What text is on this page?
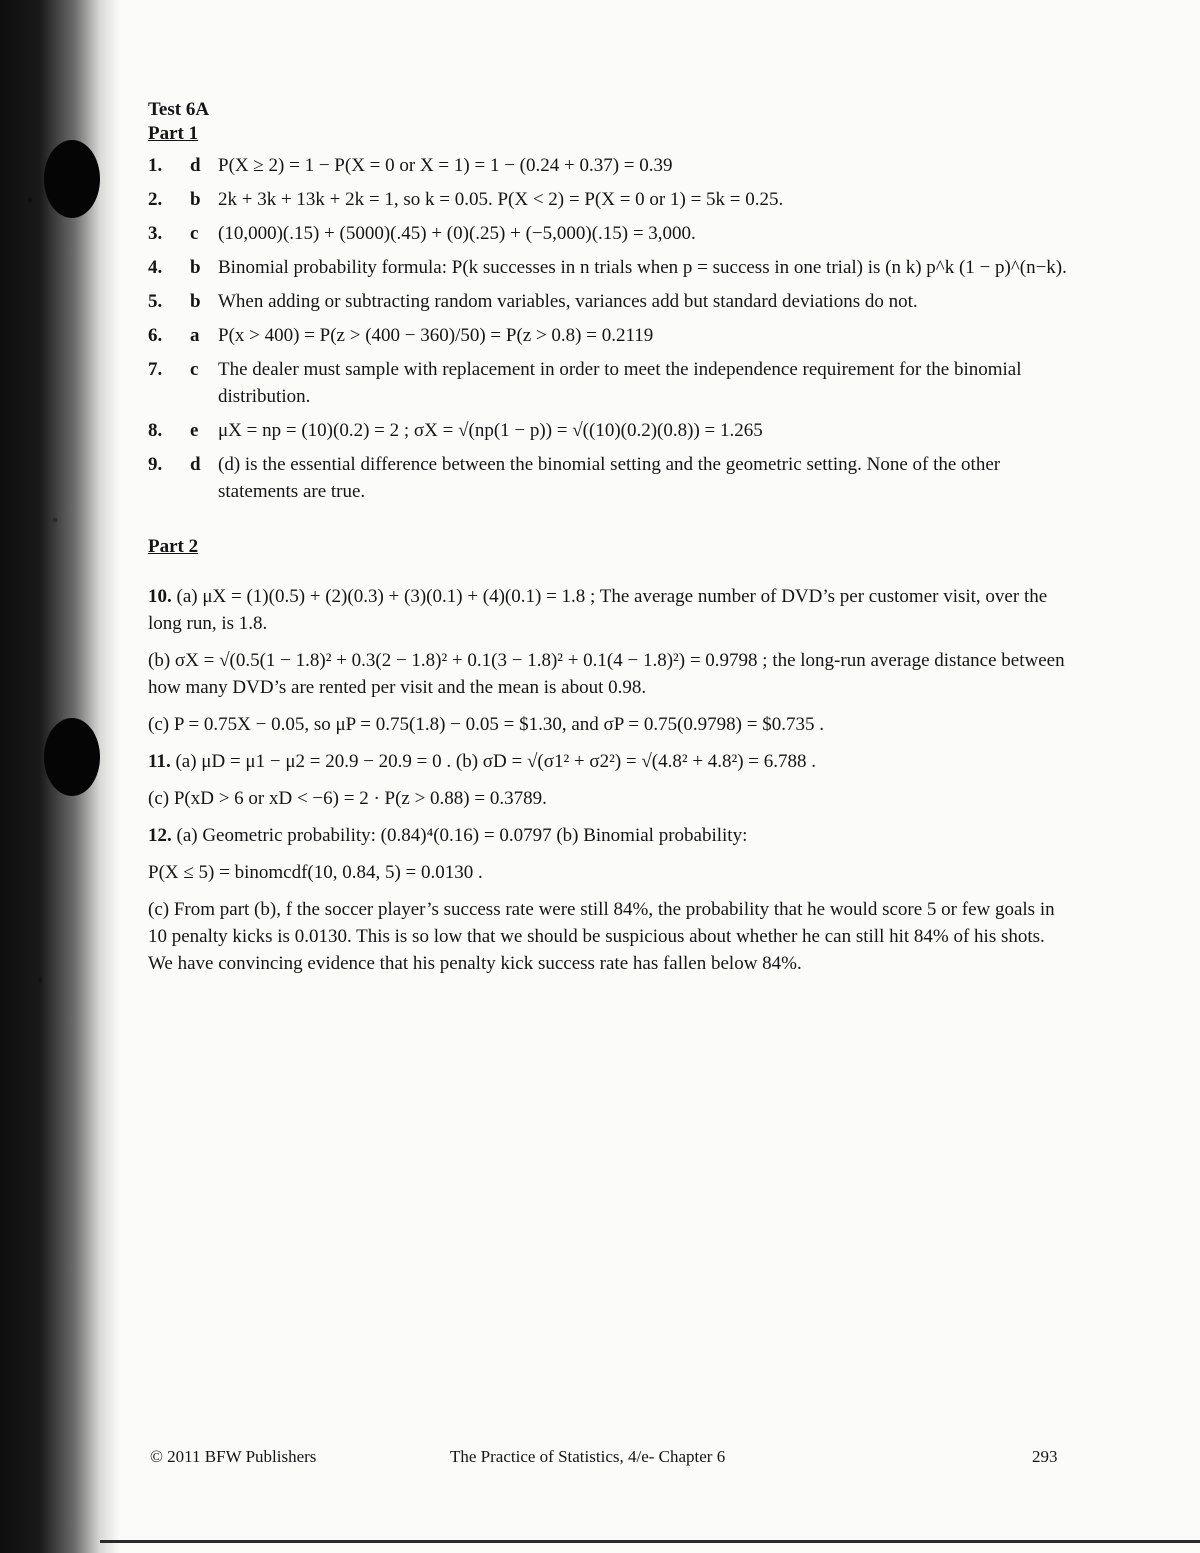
Test 6A
Part 1
1.	d P(X ≥ 2) = 1 − P(X = 0 or X = 1) = 1 − (0.24 + 0.37) = 0.39
2.	b 2k + 3k + 13k + 2k = 1, so k = 0.05. P(X < 2) = P(X = 0 or 1) = 5k = 0.25.
3.	c	(10,000)(.15) + (5000)(.45) + (0)(.25) + (−5,000)(.15) = 3,000.
4.	b Binomial probability formula: P(k successes in n trials when p = success in one trial) is (n k) p^k (1 − p)^(n−k).
5.	b When adding or subtracting random variables, variances add but standard deviations do not.
6.	a P(x > 400) = P(z > (400 − 360)/50) = P(z > 0.8) = 0.2119
7.	c	The dealer must sample with replacement in order to meet the independence requirement for the binomial distribution.
8.	e	μX = np = (10)(0.2) = 2 ; σX = √(np(1 − p)) = √((10)(0.2)(0.8)) = 1.265
9.	d (d) is the essential difference between the binomial setting and the geometric setting. None of the other statements are true.
Part 2
10. (a) μX = (1)(0.5) + (2)(0.3) + (3)(0.1) + (4)(0.1) = 1.8 ; The average number of DVD’s per customer visit, over the long run, is 1.8.
(b) σX = √(0.5(1 − 1.8)² + 0.3(2 − 1.8)² + 0.1(3 − 1.8)² + 0.1(4 − 1.8)²) = 0.9798 ; the long-run average distance between how many DVD’s are rented per visit and the mean is about 0.98.
(c) P = 0.75X − 0.05, so μP = 0.75(1.8) − 0.05 = $1.30, and σP = 0.75(0.9798) = $0.735 .
11. (a) μD = μ1 − μ2 = 20.9 − 20.9 = 0 . (b) σD = √(σ1² + σ2²) = √(4.8² + 4.8²) = 6.788 .
(c) P(xD > 6 or xD < −6) = 2 · P(z > 0.88) = 0.3789.
12. (a) Geometric probability: (0.84)⁴(0.16) = 0.0797 (b) Binomial probability:
P(X ≤ 5) = binomcdf(10, 0.84, 5) = 0.0130 .
(c) From part (b), f the soccer player’s success rate were still 84%, the probability that he would score 5 or few goals in 10 penalty kicks is 0.0130. This is so low that we should be suspicious about whether he can still hit 84% of his shots. We have convincing evidence that his penalty kick success rate has fallen below 84%.
© 2011 BFW Publishers	The Practice of Statistics, 4/e- Chapter 6	293
